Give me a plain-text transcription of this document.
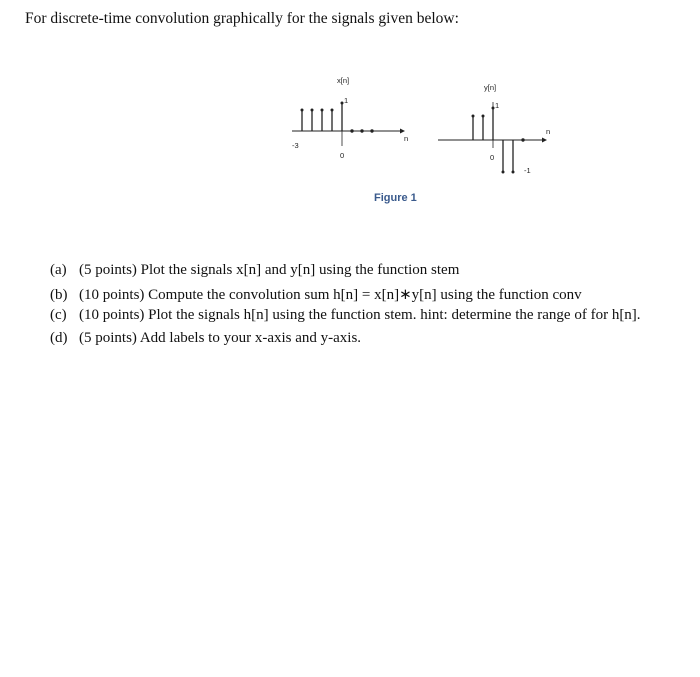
For discrete-time convolution graphically for the signals given below:
x[n]
n
-3
0
1
y[n]
n
0
1
-1
Figure 1
(a) (5 points) Plot the signals x[n] and y[n] using the function stem
(b) (10 points) Compute the convolution sum h[n] = x[n]∗y[n] using the function conv
(c) (10 points) Plot the signals h[n] using the function stem. hint: determine the range of for h[n].
(d) (5 points) Add labels to your x-axis and y-axis.
